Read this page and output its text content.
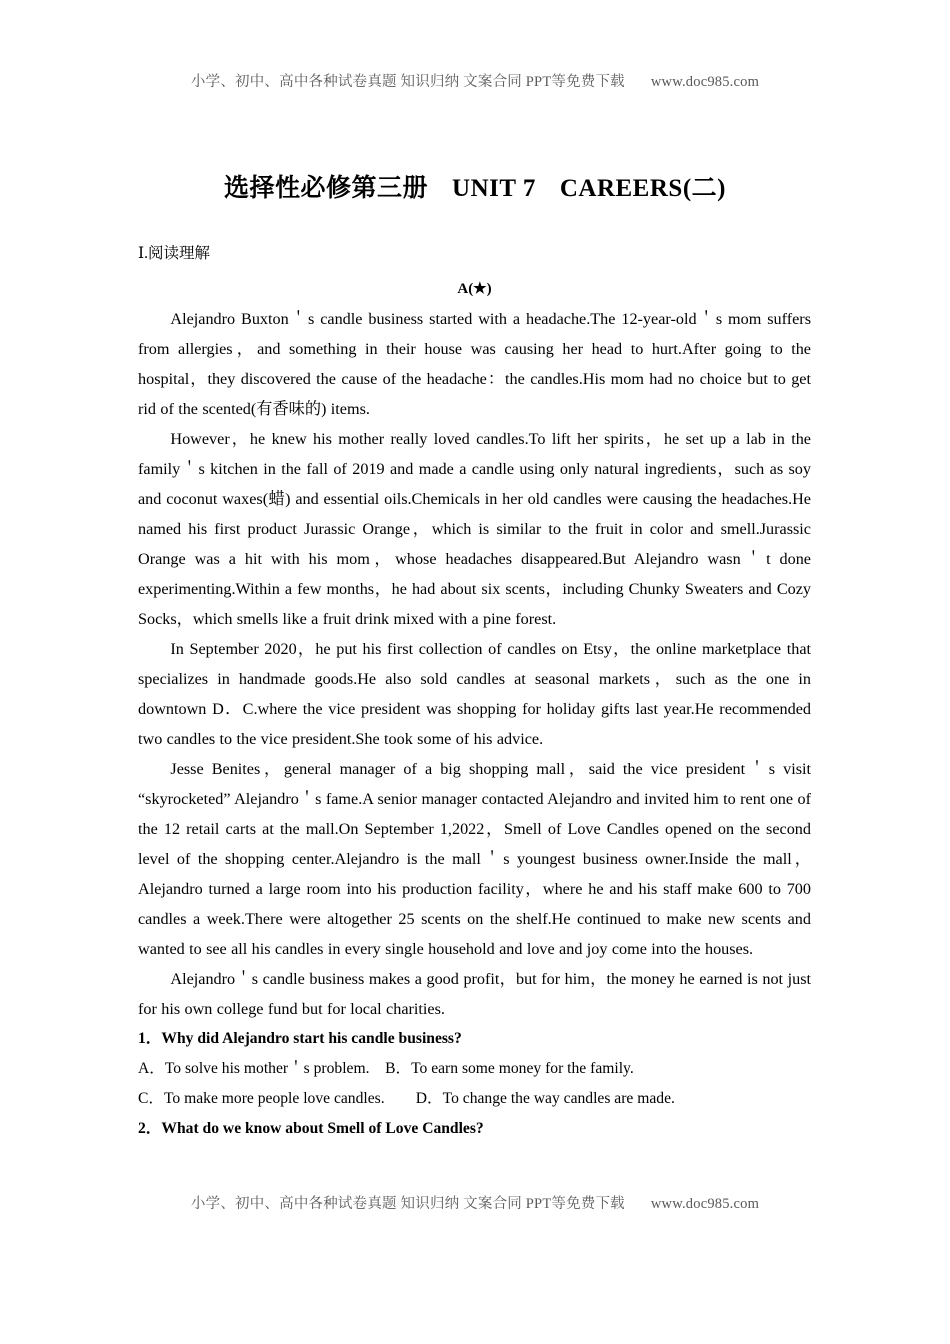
小学、初中、高中各种试卷真题 知识归纳 文案合同 PPT等免费下载 www.doc985.com
选择性必修第三册 UNIT 7 CAREERS(二)
Ⅰ.阅读理解
A(★)

Alejandro Buxton＇s candle business started with a headache.The 12-year-old＇s mom suffers from allergies，and something in their house was causing her head to hurt.After going to the hospital，they discovered the cause of the headache：the candles.His mom had no choice but to get rid of the scented(有香味的) items.

However，he knew his mother really loved candles.To lift her spirits，he set up a lab in the family＇s kitchen in the fall of 2019 and made a candle using only natural ingredients，such as soy and coconut waxes(蜡) and essential oils.Chemicals in her old candles were causing the headaches.He named his first product Jurassic Orange，which is similar to the fruit in color and smell.Jurassic Orange was a hit with his mom，whose headaches disappeared.But Alejandro wasn＇t done experimenting.Within a few months，he had about six scents，including Chunky Sweaters and Cozy Socks，which smells like a fruit drink mixed with a pine forest.

In September 2020，he put his first collection of candles on Etsy，the online marketplace that specializes in handmade goods.He also sold candles at seasonal markets，such as the one in downtown D．C.where the vice president was shopping for holiday gifts last year.He recommended two candles to the vice president.She took some of his advice.

Jesse Benites，general manager of a big shopping mall，said the vice president＇s visit “skyrocketed” Alejandro＇s fame.A senior manager contacted Alejandro and invited him to rent one of the 12 retail carts at the mall.On September 1,2022，Smell of Love Candles opened on the second level of the shopping center.Alejandro is the mall＇s youngest business owner.Inside the mall，Alejandro turned a large room into his production facility，where he and his staff make 600 to 700 candles a week.There were altogether 25 scents on the shelf.He continued to make new scents and wanted to see all his candles in every single household and love and joy come into the houses.

Alejandro＇s candle business makes a good profit，but for him，the money he earned is not just for his own college fund but for local charities.

1．Why did Alejandro start his candle business?

A．To solve his mother＇s problem.    B．To earn some money for the family.

C．To make more people love candles.        D．To change the way candles are made.

2．What do we know about Smell of Love Candles?

小学、初中、高中各种试卷真题 知识归纳 文案合同 PPT等免费下载 www.doc985.com
